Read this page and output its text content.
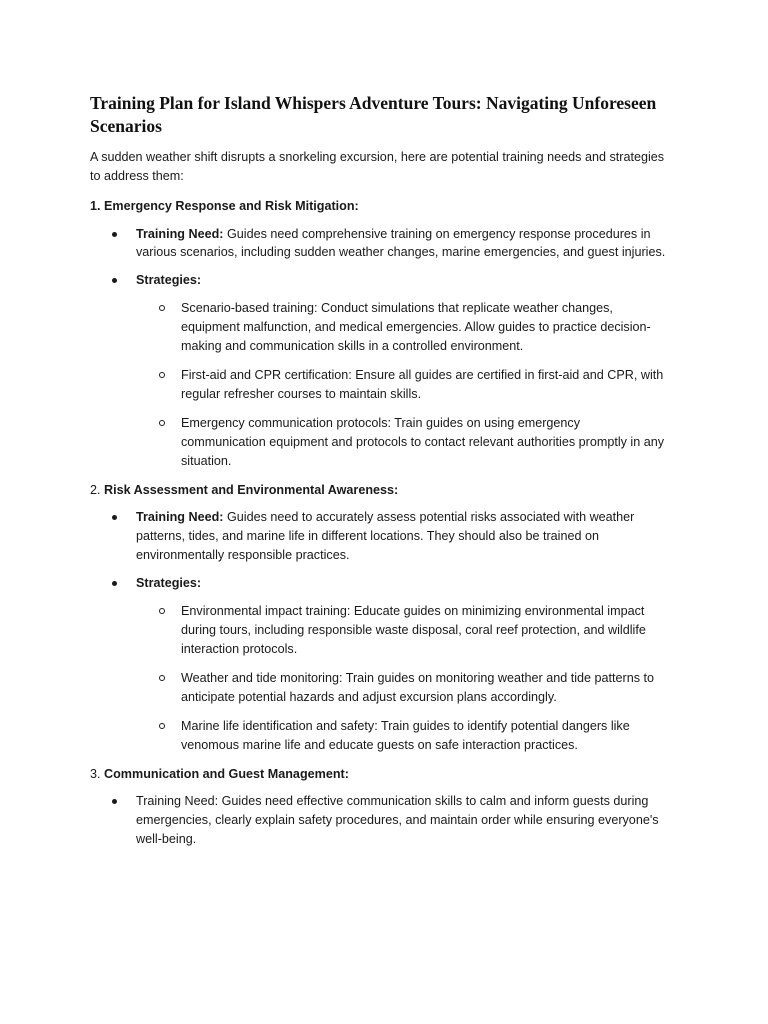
Training Plan for Island Whispers Adventure Tours: Navigating Unforeseen Scenarios

A sudden weather shift disrupts a snorkeling excursion, here are potential training needs and strategies to address them:

1. Emergency Response and Risk Mitigation:
Training Need: Guides need comprehensive training on emergency response procedures in various scenarios, including sudden weather changes, marine emergencies, and guest injuries.
Strategies:
Scenario-based training: Conduct simulations that replicate weather changes, equipment malfunction, and medical emergencies. Allow guides to practice decision-making and communication skills in a controlled environment.
First-aid and CPR certification: Ensure all guides are certified in first-aid and CPR, with regular refresher courses to maintain skills.
Emergency communication protocols: Train guides on using emergency communication equipment and protocols to contact relevant authorities promptly in any situation.
2. Risk Assessment and Environmental Awareness:
Training Need: Guides need to accurately assess potential risks associated with weather patterns, tides, and marine life in different locations. They should also be trained on environmentally responsible practices.
Strategies:
Environmental impact training: Educate guides on minimizing environmental impact during tours, including responsible waste disposal, coral reef protection, and wildlife interaction protocols.
Weather and tide monitoring: Train guides on monitoring weather and tide patterns to anticipate potential hazards and adjust excursion plans accordingly.
Marine life identification and safety: Train guides to identify potential dangers like venomous marine life and educate guests on safe interaction practices.
3. Communication and Guest Management:
Training Need: Guides need effective communication skills to calm and inform guests during emergencies, clearly explain safety procedures, and maintain order while ensuring everyone's well-being.
